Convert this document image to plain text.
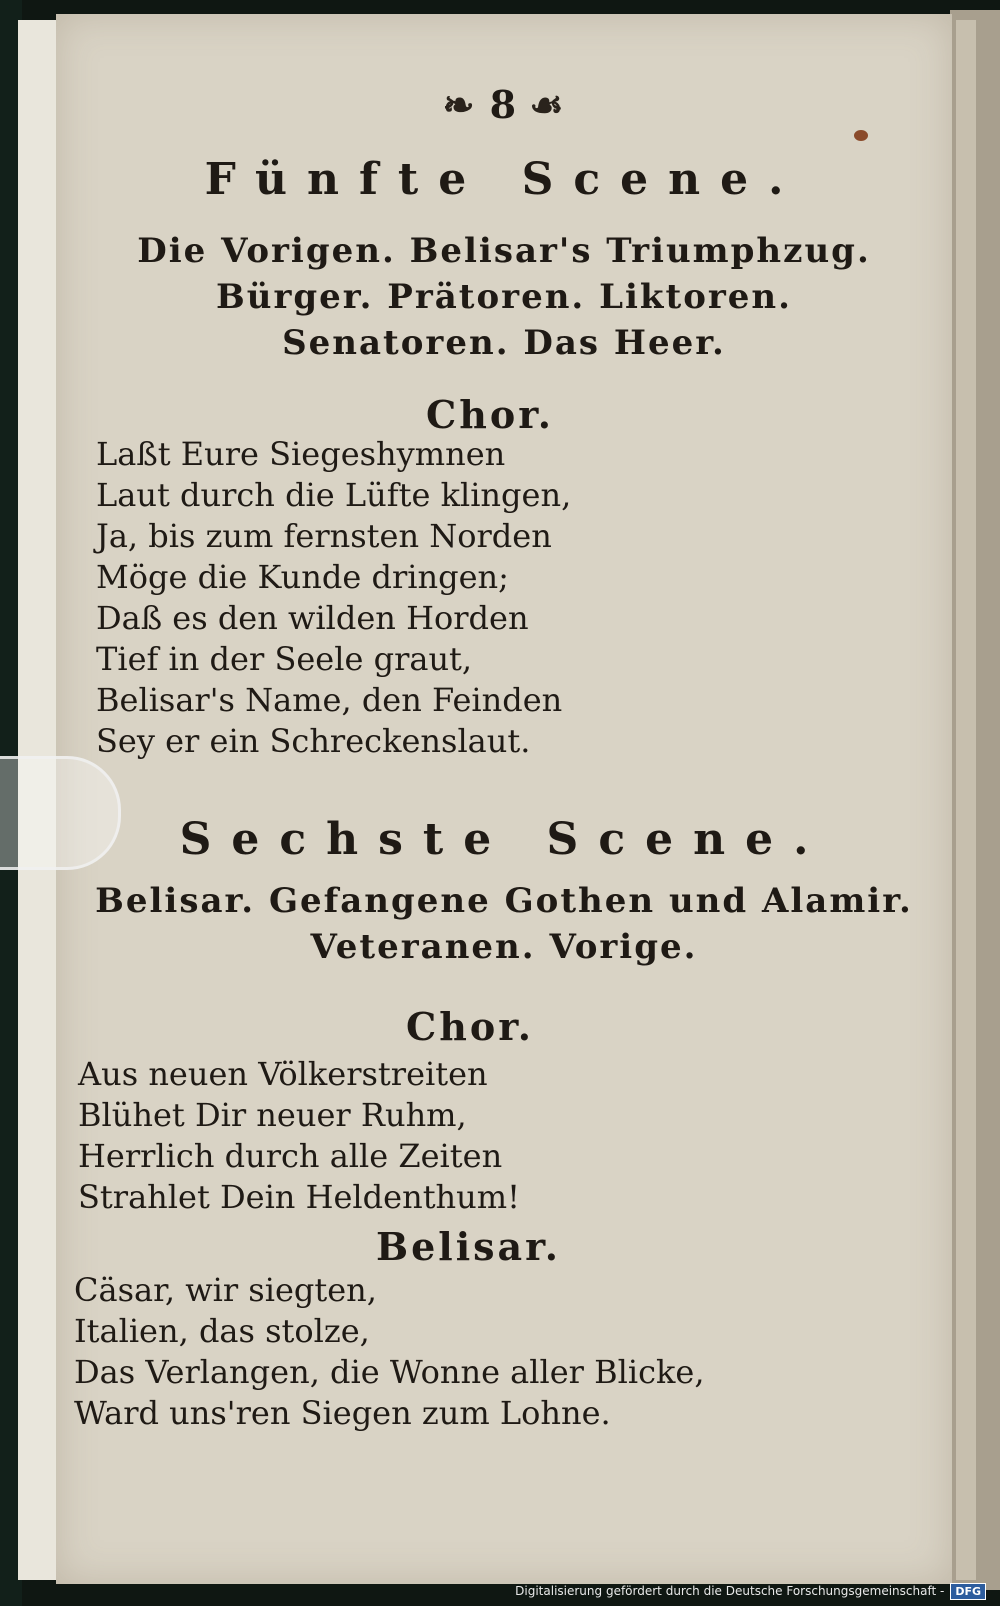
❧ 8 ☙
Fünfte Scene.
Die Vorigen. Belisar's Triumphzug.
Bürger. Prätoren. Liktoren.
Senatoren. Das Heer.
Chor.
Laßt Eure Siegeshymnen
Laut durch die Lüfte klingen,
Ja, bis zum fernsten Norden
Möge die Kunde dringen;
Daß es den wilden Horden
Tief in der Seele graut,
Belisar's Name, den Feinden
Sey er ein Schreckenslaut.
Sechste Scene.
Belisar. Gefangene Gothen und Alamir.
Veteranen. Vorige.
Chor.
Aus neuen Völkerstreiten
Blühet Dir neuer Ruhm,
Herrlich durch alle Zeiten
Strahlet Dein Heldenthum!
Belisar.
Cäsar, wir siegten,
Italien, das stolze,
Das Verlangen, die Wonne aller Blicke,
Ward uns'ren Siegen zum Lohne.
Digitalisierung gefördert durch die Deutsche Forschungsgemeinschaft -	DFG
